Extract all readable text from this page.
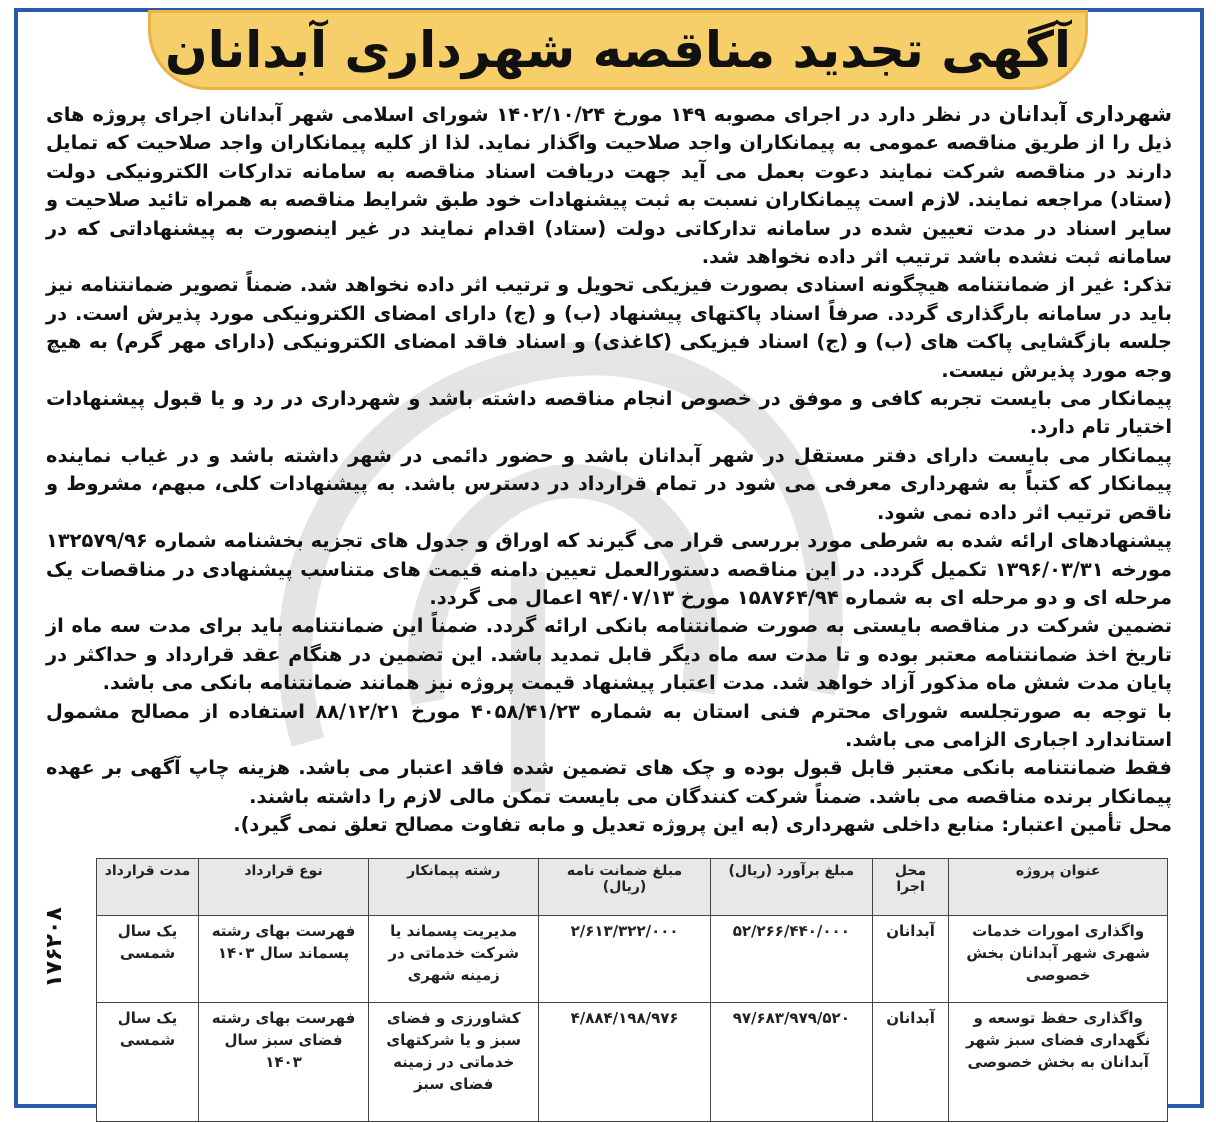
آگهی تجدید مناقصه شهرداری آبدانان

شهرداری آبدانان در نظر دارد در اجرای مصوبه ۱۴۹ مورخ ۱۴۰۲/۱۰/۲۴ شورای اسلامی شهر آبدانان اجرای پروژه های ذیل را از طریق مناقصه عمومی به پیمانکاران واجد صلاحیت واگذار نماید. لذا از کلیه پیمانکاران واجد صلاحیت که تمایل دارند در مناقصه شرکت نمایند دعوت بعمل می آید جهت دریافت اسناد مناقصه به سامانه تدارکات الکترونیکی دولت (ستاد) مراجعه نمایند. لازم است پیمانکاران نسبت به ثبت پیشنهادات خود طبق شرایط مناقصه به همراه تائید صلاحیت و سایر اسناد در مدت تعیین شده در سامانه تدارکاتی دولت (ستاد) اقدام نمایند در غیر اینصورت به پیشنهاداتی که در سامانه ثبت نشده باشد ترتیب اثر داده نخواهد شد.

تذکر: غیر از ضمانتنامه هیچگونه اسنادی بصورت فیزیکی تحویل و ترتیب اثر داده نخواهد شد. ضمناً تصویر ضمانتنامه نیز باید در سامانه بارگذاری گردد. صرفاً اسناد پاکتهای پیشنهاد (ب) و (ج) دارای امضای الکترونیکی مورد پذیرش است. در جلسه بازگشایی پاکت های (ب) و (ج) اسناد فیزیکی (کاغذی) و اسناد فاقد امضای الکترونیکی (دارای مهر گرم) به هیچ وجه مورد پذیرش نیست.

پیمانکار می بایست تجربه کافی و موفق در خصوص انجام مناقصه داشته باشد و شهرداری در رد و یا قبول پیشنهادات اختیار تام دارد.

پیمانکار می بایست دارای دفتر مستقل در شهر آبدانان باشد و حضور دائمی در شهر داشته باشد و در غیاب نماینده پیمانکار که کتباً به شهرداری معرفی می شود در تمام قرارداد در دسترس باشد. به پیشنهادات کلی، مبهم، مشروط و ناقص ترتیب اثر داده نمی شود.

پیشنهادهای ارائه شده به شرطی مورد بررسی قرار می گیرند که اوراق و جدول های تجزیه بخشنامه شماره ۱۳۲۵۷۹/۹۶ مورخه ۱۳۹۶/۰۳/۳۱ تکمیل گردد. در این مناقصه دستورالعمل تعیین دامنه قیمت های متناسب پیشنهادی در مناقصات یک مرحله ای و دو مرحله ای به شماره ۱۵۸۷۶۴/۹۴ مورخ ۹۴/۰۷/۱۳ اعمال می گردد.

تضمین شرکت در مناقصه بایستی به صورت ضمانتنامه بانکی ارائه گردد. ضمناً این ضمانتنامه باید برای مدت سه ماه از تاریخ اخذ ضمانتنامه معتبر بوده و تا مدت سه ماه دیگر قابل تمدید باشد. این تضمین در هنگام عقد قرارداد و حداکثر در پایان مدت شش ماه مذکور آزاد خواهد شد. مدت اعتبار پیشنهاد قیمت پروژه نیز همانند ضمانتنامه بانکی می باشد.

با توجه به صورتجلسه شورای محترم فنی استان به شماره ۴۰۵۸/۴۱/۲۳ مورخ ۸۸/۱۲/۲۱ استفاده از مصالح مشمول استاندارد اجباری الزامی می باشد.

فقط ضمانتنامه بانکی معتبر قابل قبول بوده و چک های تضمین شده فاقد اعتبار می باشد. هزینه چاپ آگهی بر عهده پیمانکار برنده مناقصه می باشد. ضمناً شرکت کنندگان می بایست تمکن مالی لازم را داشته باشند.

محل تأمین اعتبار: منابع داخلی شهرداری (به این پروژه تعدیل و مابه تفاوت مصالح تعلق نمی گیرد).

عنوان پروژه	محل اجرا	مبلغ برآورد (ریال)	مبلغ ضمانت نامه (ریال)	رشته پیمانکار	نوع قرارداد	مدت قرارداد
واگذاری امورات خدمات شهری شهر آبدانان بخش خصوصی	آبدانان	۵۲/۲۶۶/۴۴۰/۰۰۰	۲/۶۱۳/۳۲۲/۰۰۰	مدیریت پسماند یا شرکت خدماتی در زمینه شهری	فهرست بهای رشته پسماند سال ۱۴۰۳	یک سال شمسی
واگذاری حفظ توسعه و نگهداری فضای سبز شهر آبدانان به بخش خصوصی	آبدانان	۹۷/۶۸۳/۹۷۹/۵۲۰	۴/۸۸۴/۱۹۸/۹۷۶	کشاورزی و فضای سبز و یا شرکتهای خدماتی در زمینه فضای سبز	فهرست بهای رشته فضای سبز سال ۱۴۰۳	یک سال شمسی
۱۷۶۲۰۸
